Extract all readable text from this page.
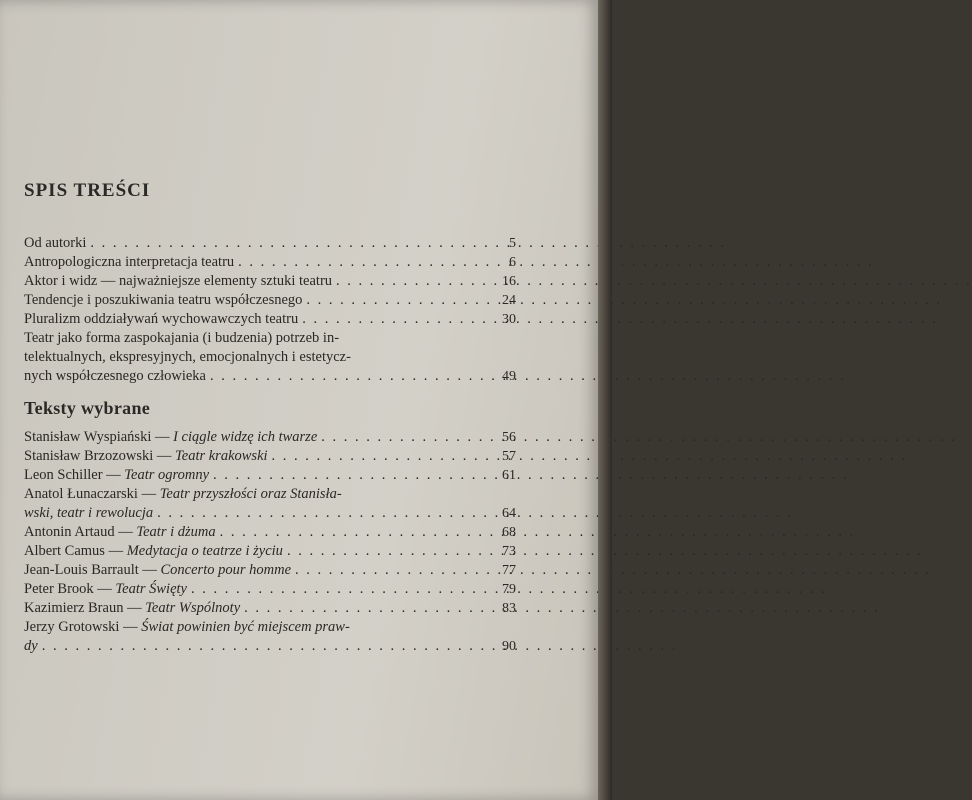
SPIS TREŚCI
Od autorki . . .	5
Antropologiczna interpretacja teatru . . .	6
Aktor i widz — najważniejsze elementy sztuki teatru . . .	16
Tendencje i poszukiwania teatru współczesnego . . .	24
Pluralizm oddziaływań wychowawczych teatru . . .	30
Teatr jako forma zaspokajania (i budzenia) potrzeb in-
telektualnych, ekspresyjnych, emocjonalnych i estetycz-
nych współczesnego człowieka . . .	49
Teksty wybrane
Stanisław Wyspiański — I ciągle widzę ich twarze . . .	56
Stanisław Brzozowski — Teatr krakowski . . .	57
Leon Schiller — Teatr ogromny . . .	61
Anatol Łunaczarski — Teatr przyszłości oraz Stanisła-
wski, teatr i rewolucja . . .	64
Antonin Artaud — Teatr i dżuma . . .	68
Albert Camus — Medytacja o teatrze i życiu . . .	73
Jean-Louis Barrault — Concerto pour homme . . .	77
Peter Brook — Teatr Święty . . .	79
Kazimierz Braun — Teatr Wspólnoty . . .	83
Jerzy Grotowski — Świat powinien być miejscem praw-
dy . . .	90
